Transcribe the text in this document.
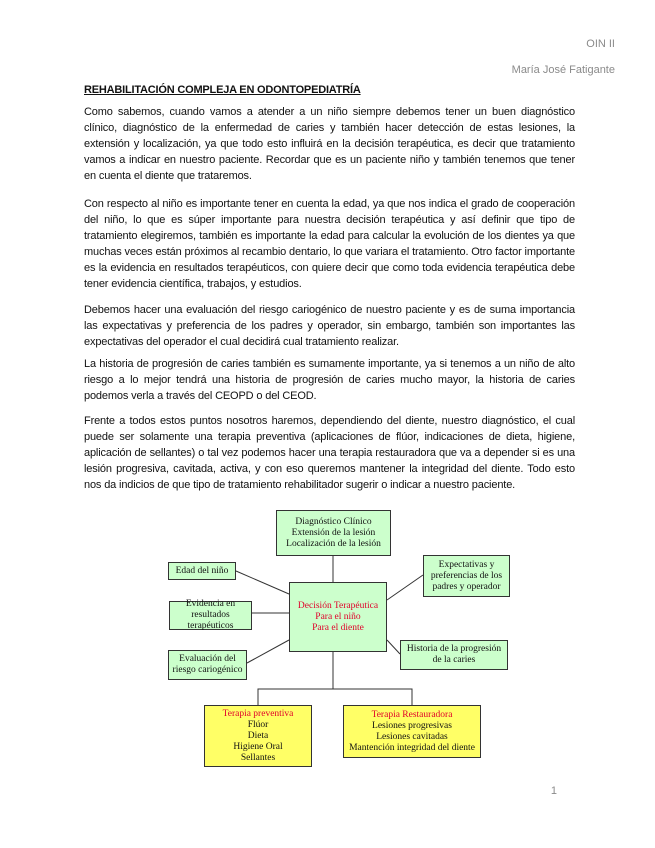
OIN II
María José Fatigante
REHABILITACIÓN COMPLEJA EN ODONTOPEDIATRÍA

Como sabemos, cuando vamos a atender a un niño siempre debemos tener un buen diagnóstico clínico, diagnóstico de la enfermedad de caries y también hacer detección de estas lesiones, la extensión y localización, ya que todo esto influirá en la decisión terapéutica, es decir que tratamiento vamos a indicar en nuestro paciente. Recordar que es un paciente niño y también tenemos que tener en cuenta el diente que trataremos.

Con respecto al niño es importante tener en cuenta la edad, ya que nos indica el grado de cooperación del niño, lo que es súper importante para nuestra decisión terapéutica y así definir que tipo de tratamiento elegiremos, también es importante la edad para calcular la evolución de los dientes ya que muchas veces están próximos al recambio dentario, lo que variara el tratamiento. Otro factor importante es la evidencia en resultados terapéuticos, con quiere decir que como toda evidencia terapéutica debe tener evidencia científica, trabajos, y estudios.

Debemos hacer una evaluación del riesgo cariogénico de nuestro paciente y es de suma importancia las expectativas y preferencia de los padres y operador, sin embargo, también son importantes las expectativas del operador el cual decidirá cual tratamiento realizar.

La historia de progresión de caries también es sumamente importante, ya si tenemos a un niño de alto riesgo a lo mejor tendrá una historia de progresión de caries mucho mayor, la historia de caries podemos verla a través del CEOPD o del CEOD.

Frente a todos estos puntos nosotros haremos, dependiendo del diente, nuestro diagnóstico, el cual puede ser solamente una terapia preventiva (aplicaciones de flúor, indicaciones de dieta, higiene, aplicación de sellantes) o tal vez podemos hacer una terapia restauradora que va a depender si es una lesión progresiva, cavitada, activa, y con eso queremos mantener la integridad del diente. Todo esto nos da indicios de que tipo de tratamiento rehabilitador sugerir o indicar a nuestro paciente.

Diagnóstico Clínico
Extensión de la lesión
Localización de la lesión
Edad del niño
Expectativas y
preferencias de los
padres y operador
Evidencia en resultados
terapéuticos
Decisión Terapéutica
Para el niño
Para el diente
Historia de la progresión
de la caries
Evaluación del
riesgo cariogénico
Terapia preventiva
Flúor
Dieta
Higiene Oral
Sellantes
Terapia Restauradora
Lesiones progresivas
Lesiones cavitadas
Mantención integridad del diente
1
